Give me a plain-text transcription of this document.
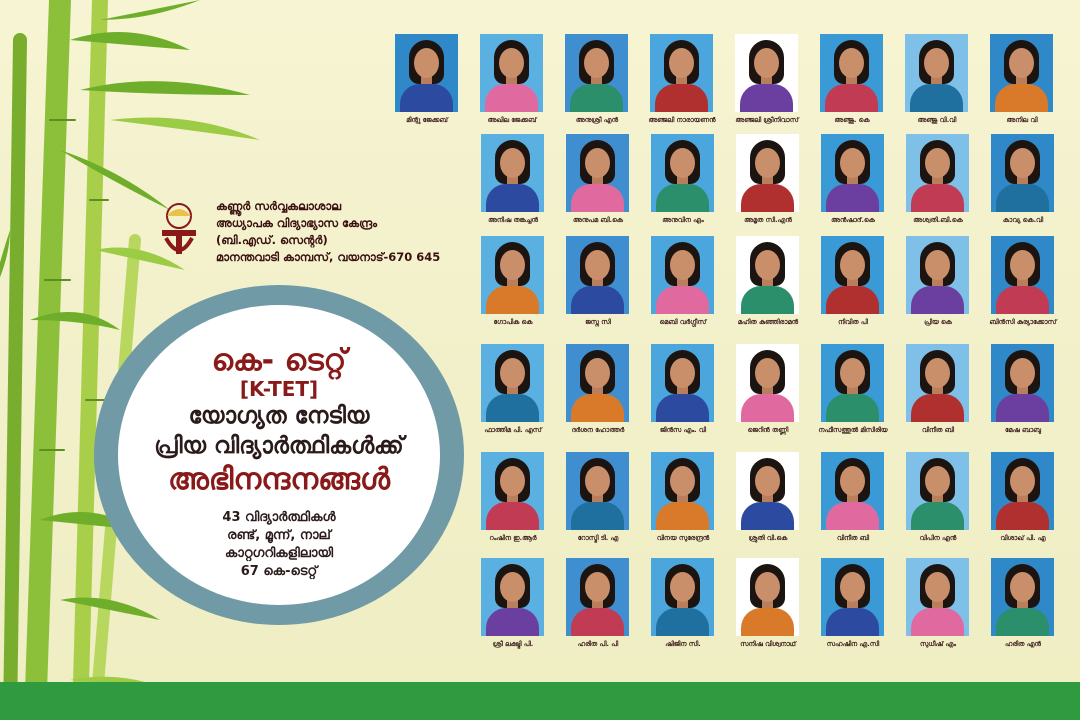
കണ്ണൂർ സർവ്വകലാശാല
അധ്യാപക വിദ്യാഭ്യാസ കേന്ദ്രം
(ബി.എഡ്. സെന്റർ)
മാനന്തവാടി കാമ്പസ്, വയനാട്-670 645
കെ- ടെറ്റ്
[K-TET]
യോഗ്യത നേടിയ
പ്രിയ വിദ്യാർത്ഥികൾക്ക്
അഭിനന്ദനങ്ങൾ
43 വിദ്യാർത്ഥികൾ
രണ്ട്, മൂന്ന്, നാല്
കാറ്റഗറികളിലായി
67 കെ-ടെറ്റ്
മിന്റു ജേക്കബ്	അഖില ജേക്കബ്	അനുശ്രീ എൻ	അഞ്ജലി നാരായണൻ	അഞ്ജലി ശ്രീനിവാസ്	അഞ്ജു. കെ	അഞ്ജു വി.വി	അനില വി
അനിഷ തങ്കച്ചൻ	അനുപമ ബി.കെ	അനുവിന എം	അമൃത സി.എൻ	അൻഷാദ്.കെ	അശ്വതി.ബി.കെ	കാവ്യ കെ.വി
ഗോപിക കെ	ജസ്ന സി	മെബി വർഗ്ഗീസ്	മഹിത കുഞ്ഞിരാമൻ	നിവിത പി	പ്രിയ കെ	ബിൻസി കുര്യാക്കോസ്
ഫാത്തിമ പി. എസ്	ദർശന ഹോത്തർ	ജിൻസ എം. വി	ജെറിൻ തണ്ണി	നഫീസത്തുൽ മിസിരിയ	വിനീത ബി	മേഷ ബാബു
റംഷിന ഇ.ആർ	റോസ്മി ടി. എ	വിനയ സുരേന്ദ്രൻ	ശ്രുതി വി.കെ	വിനീത ബി	വിപിന എൻ	വിശാഖ് പി. എ
ശ്രീ ലക്ഷ്മി പി.	ഹരിത പി. പി	ഷിജിന സി.	സനിഷ വിശ്വനാഥ്	സഹഷിന എ.സി	സുധീഷ് എം	ഹരിത എൻ
